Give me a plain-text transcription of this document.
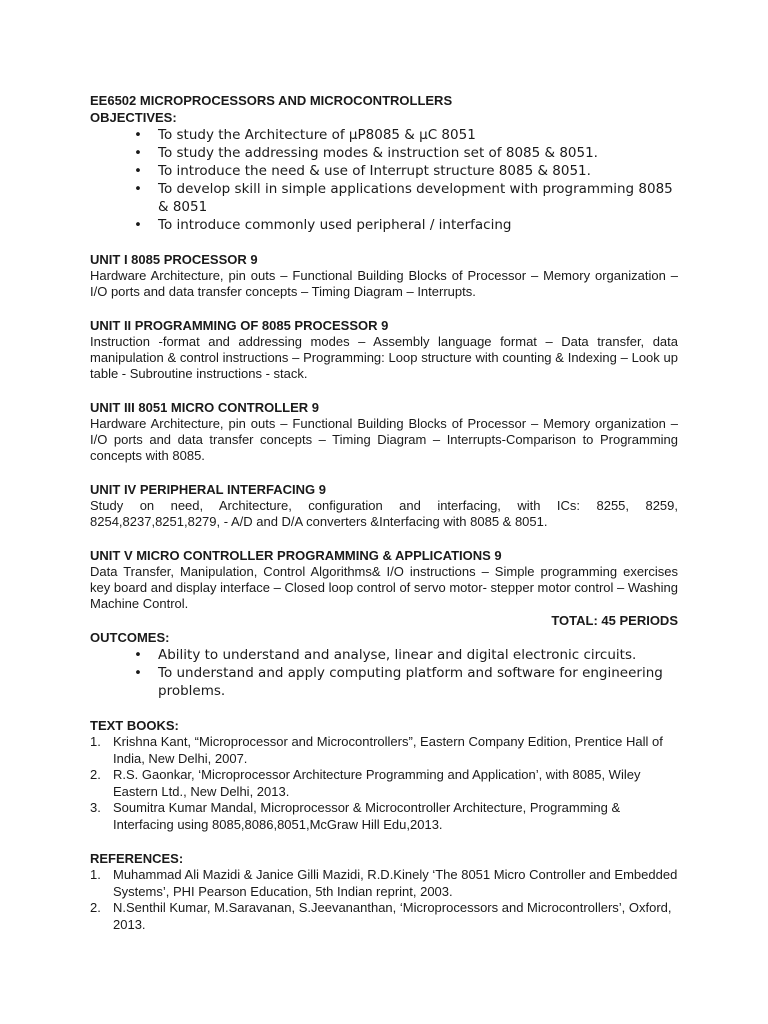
EE6502 MICROPROCESSORS AND MICROCONTROLLERS

OBJECTIVES:

• To study the Architecture of µP8085 & µC 8051
• To study the addressing modes & instruction set of 8085 & 8051.
• To introduce the need & use of Interrupt structure 8085 & 8051.
• To develop skill in simple applications development with programming 8085 & 8051
• To introduce commonly used peripheral / interfacing

UNIT I 8085 PROCESSOR 9

Hardware Architecture, pin outs – Functional Building Blocks of Processor – Memory organization – I/O ports and data transfer concepts – Timing Diagram – Interrupts.

UNIT II PROGRAMMING OF 8085 PROCESSOR 9

Instruction -format and addressing modes – Assembly language format – Data transfer, data manipulation & control instructions – Programming: Loop structure with counting & Indexing – Look up table - Subroutine instructions - stack.

UNIT III 8051 MICRO CONTROLLER 9

Hardware Architecture, pin outs – Functional Building Blocks of Processor – Memory organization – I/O ports and data transfer concepts – Timing Diagram – Interrupts-Comparison to Programming concepts with 8085.

UNIT IV PERIPHERAL INTERFACING 9

Study on need, Architecture, configuration and interfacing, with ICs: 8255, 8259, 8254,8237,8251,8279, - A/D and D/A converters &Interfacing with 8085 & 8051.

UNIT V MICRO CONTROLLER PROGRAMMING & APPLICATIONS 9

Data Transfer, Manipulation, Control Algorithms& I/O instructions – Simple programming exercises key board and display interface – Closed loop control of servo motor- stepper motor control – Washing Machine Control.

TOTAL: 45 PERIODS

OUTCOMES:

• Ability to understand and analyse, linear and digital electronic circuits.
• To understand and apply computing platform and software for engineering problems.

TEXT BOOKS:

1. Krishna Kant, “Microprocessor and Microcontrollers”, Eastern Company Edition, Prentice Hall of India, New Delhi, 2007.
2. R.S. Gaonkar, ‘Microprocessor Architecture Programming and Application’, with 8085, Wiley Eastern Ltd., New Delhi, 2013.
3. Soumitra Kumar Mandal, Microprocessor & Microcontroller Architecture, Programming & Interfacing using 8085,8086,8051,McGraw Hill Edu,2013.

REFERENCES:

1. Muhammad Ali Mazidi & Janice Gilli Mazidi, R.D.Kinely ‘The 8051 Micro Controller and Embedded Systems’, PHI Pearson Education, 5th Indian reprint, 2003.
2. N.Senthil Kumar, M.Saravanan, S.Jeevananthan, ‘Microprocessors and Microcontrollers’, Oxford, 2013.
